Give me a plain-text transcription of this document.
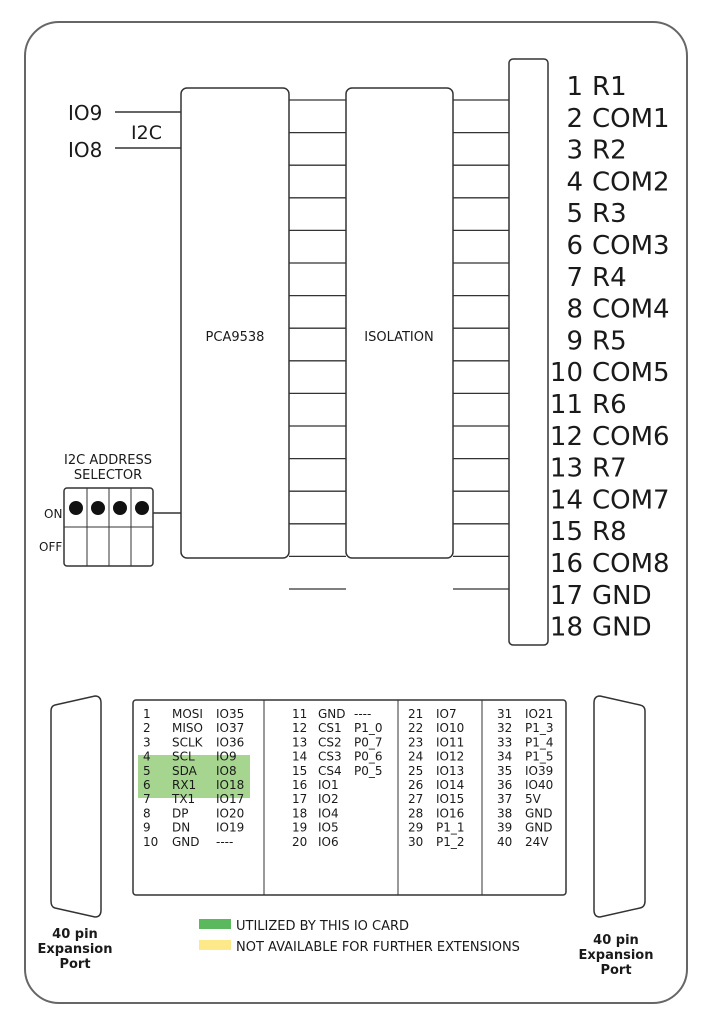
IO9
IO8
I2C
PCA9538	ISOLATION
1 R1
2 COM1
3 R2
4 COM2
5 R3
6 COM3
7 R4
8 COM4
9 R5
10 COM5
11 R6
12 COM6
13 R7
14 COM7
15 R8
16 COM8
17 GND
18 GND
I2C ADDRESS
SELECTOR
ON
OFF
40 pin
Expansion
Port
40 pin
Expansion
Port
1 MOSI IO35
2 MISO IO37
3 SCLK IO36
4 SCL IO9
5 SDA IO8
6 RX1 IO18
7 TX1 IO17
8 DP IO20
9 DN IO19
10 GND ----
11 GND ----
12 CS1 P1_0
13 CS2 P0_7
14 CS3 P0_6
15 CS4 P0_5
16 IO1
17 IO2
18 IO4
19 IO5
20 IO6
21 IO7
22 IO10
23 IO11
24 IO12
25 IO13
26 IO14
27 IO15
28 IO16
29 P1_1
30 P1_2
31 IO21
32 P1_3
33 P1_4
34 P1_5
35 IO39
36 IO40
37 5V
38 GND
39 GND
40 24V
UTILIZED BY THIS IO CARD
NOT AVAILABLE FOR FURTHER EXTENSIONS
